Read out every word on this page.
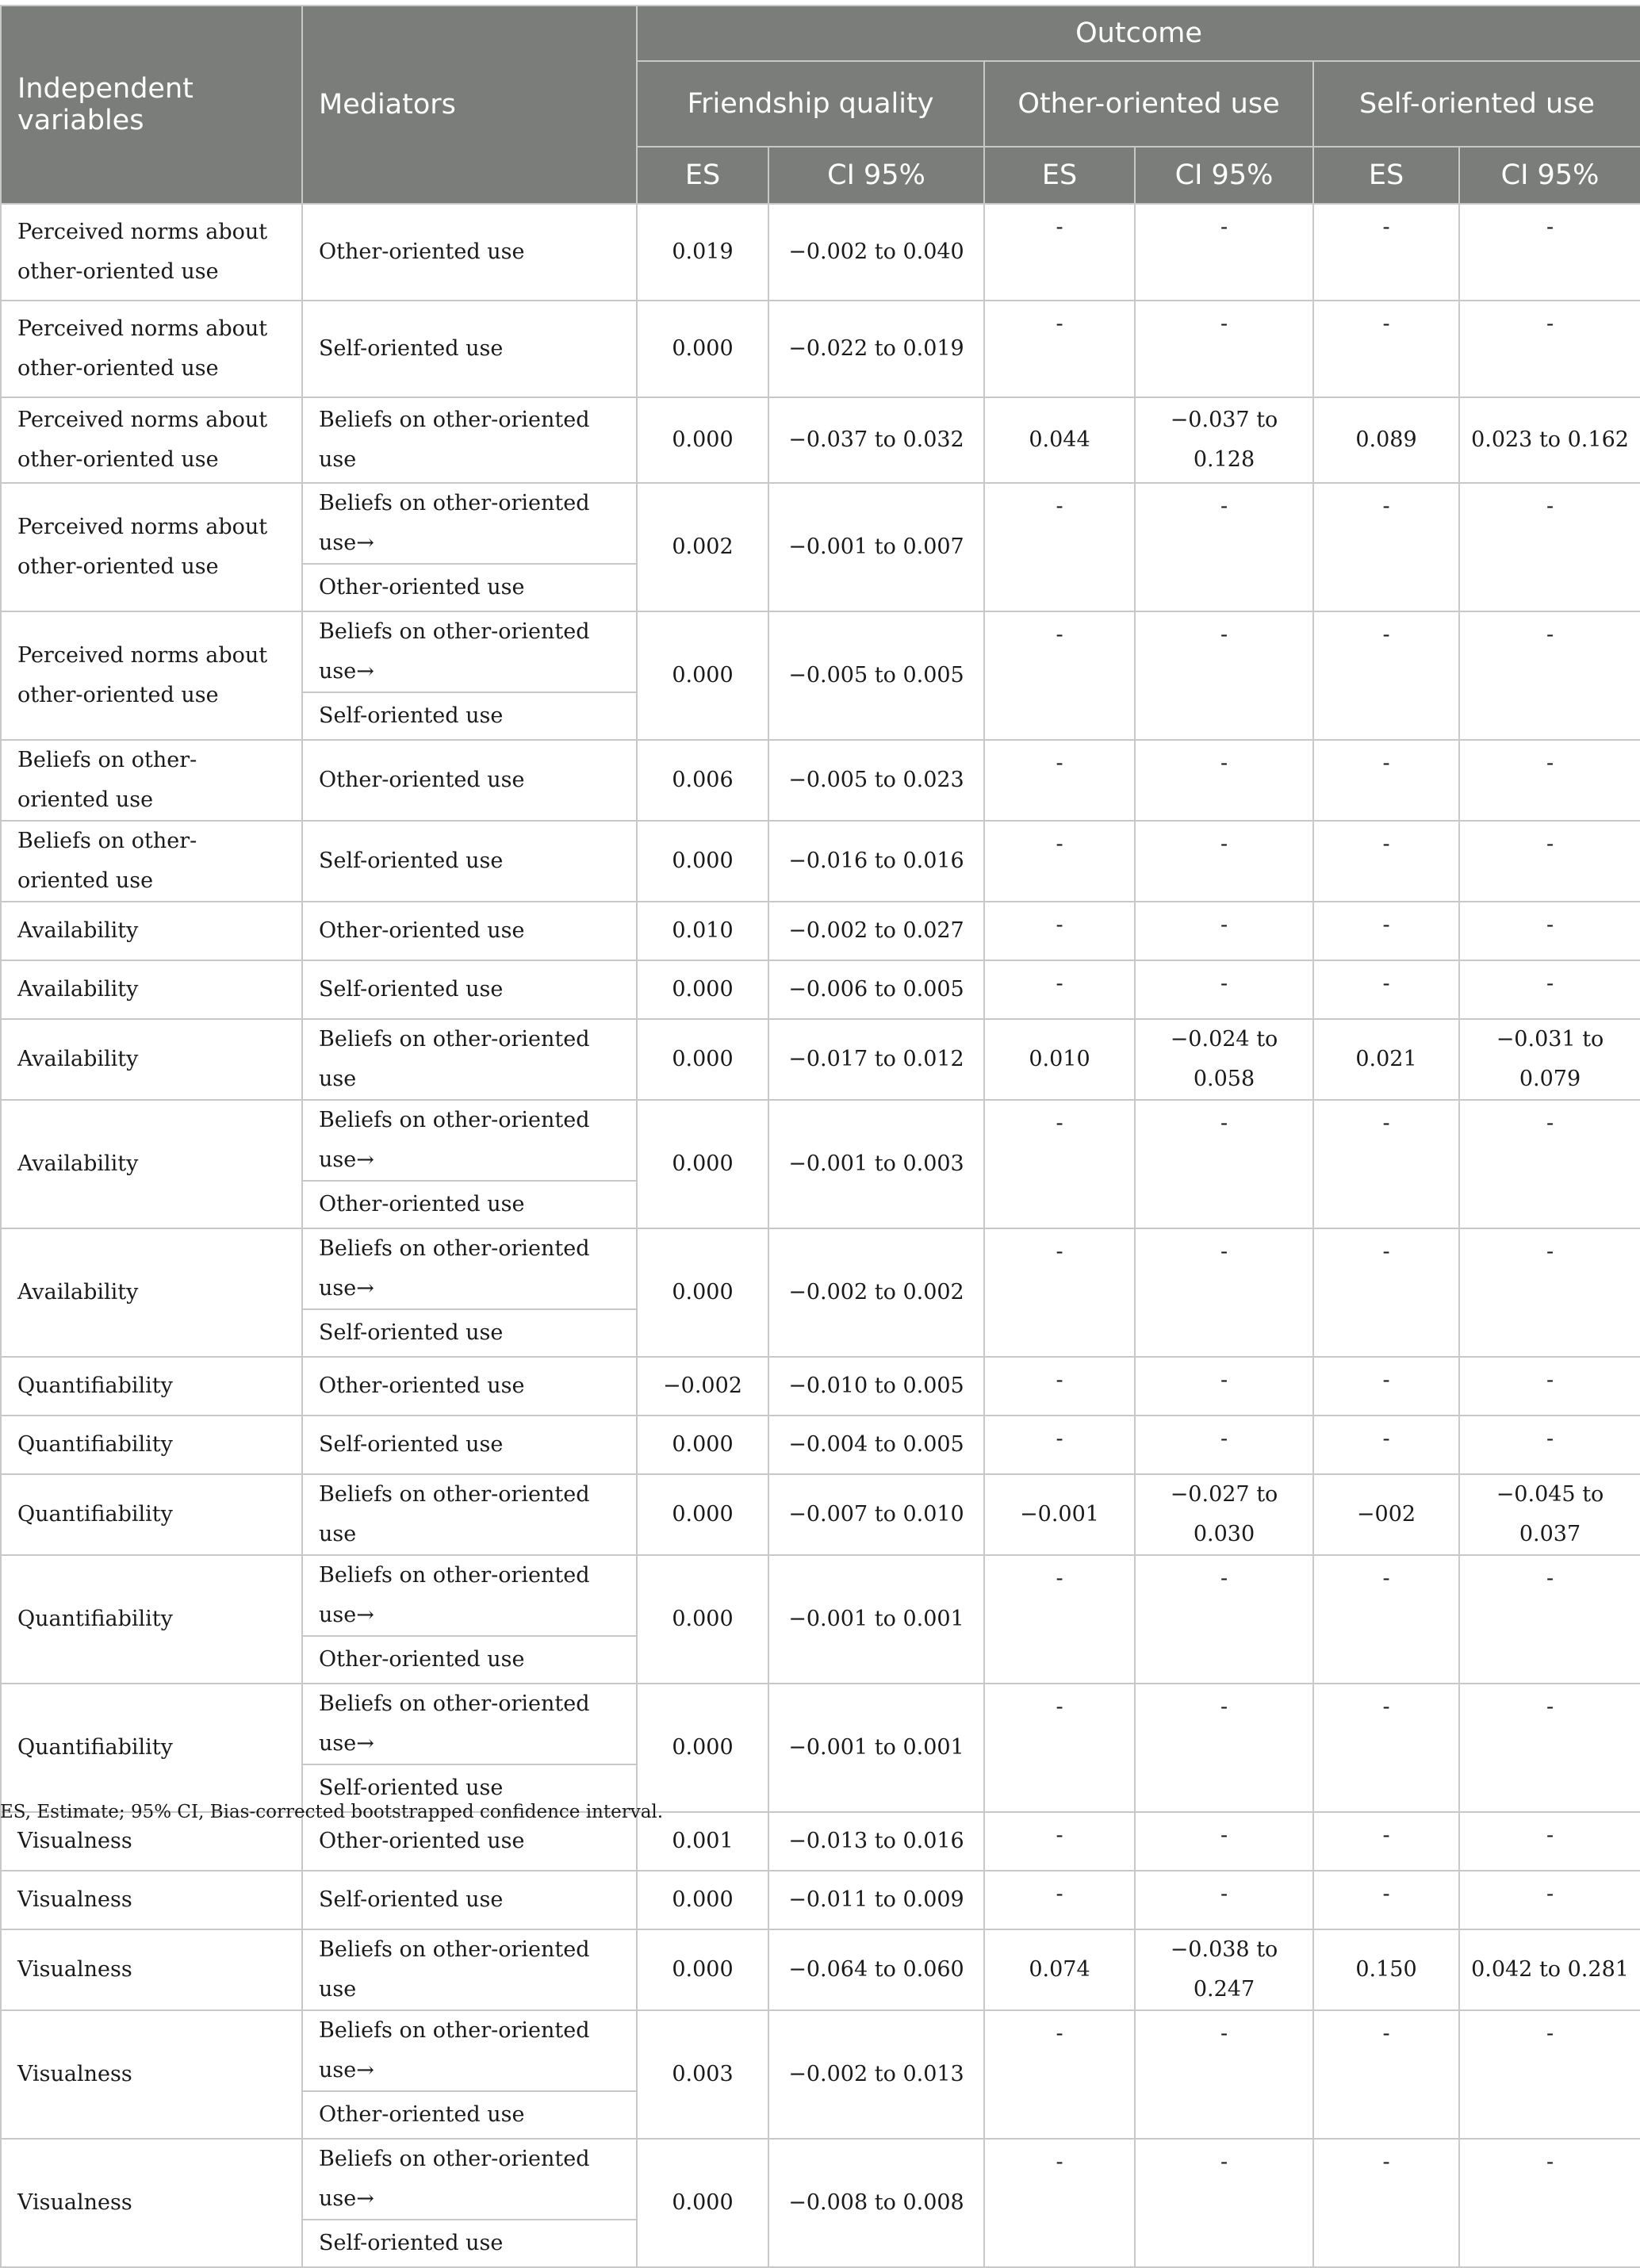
Independent variables	Mediators	Outcome					
		Friendship quality		Other-oriented use		Self-oriented use	
		ES	CI 95%	ES	CI 95%	ES	CI 95%
Perceived norms about other-oriented use	Other-oriented use	0.019	−0.002 to 0.040	-	-	-	-
Perceived norms about other-oriented use	Self-oriented use	0.000	−0.022 to 0.019	-	-	-	-
Perceived norms about other-oriented use	Beliefs on other-oriented use	0.000	−0.037 to 0.032	0.044	−0.037 to 0.128	0.089	0.023 to 0.162
Perceived norms about other-oriented use	Beliefs on other-oriented use→	0.002	−0.001 to 0.007	-	-	-	-
	Other-oriented use						
Perceived norms about other-oriented use	Beliefs on other-oriented use→	0.000	−0.005 to 0.005	-	-	-	-
	Self-oriented use						
Beliefs on other-oriented use	Other-oriented use	0.006	−0.005 to 0.023	-	-	-	-
Beliefs on other-oriented use	Self-oriented use	0.000	−0.016 to 0.016	-	-	-	-
Availability	Other-oriented use	0.010	−0.002 to 0.027	-	-	-	-
Availability	Self-oriented use	0.000	−0.006 to 0.005	-	-	-	-
Availability	Beliefs on other-oriented use	0.000	−0.017 to 0.012	0.010	−0.024 to 0.058	0.021	−0.031 to 0.079
Availability	Beliefs on other-oriented use→	0.000	−0.001 to 0.003	-	-	-	-
	Other-oriented use						
Availability	Beliefs on other-oriented use→	0.000	−0.002 to 0.002	-	-	-	-
	Self-oriented use						
Quantifiability	Other-oriented use	−0.002	−0.010 to 0.005	-	-	-	-
Quantifiability	Self-oriented use	0.000	−0.004 to 0.005	-	-	-	-
Quantifiability	Beliefs on other-oriented use	0.000	−0.007 to 0.010	−0.001	−0.027 to 0.030	−002	−0.045 to 0.037
Quantifiability	Beliefs on other-oriented use→	0.000	−0.001 to 0.001	-	-	-	-
	Other-oriented use						
Quantifiability	Beliefs on other-oriented use→	0.000	−0.001 to 0.001	-	-	-	-
	Self-oriented use						
Visualness	Other-oriented use	0.001	−0.013 to 0.016	-	-	-	-
Visualness	Self-oriented use	0.000	−0.011 to 0.009	-	-	-	-
Visualness	Beliefs on other-oriented use	0.000	−0.064 to 0.060	0.074	−0.038 to 0.247	0.150	0.042 to 0.281
Visualness	Beliefs on other-oriented use→	0.003	−0.002 to 0.013	-	-	-	-
	Other-oriented use						
Visualness	Beliefs on other-oriented use→	0.000	−0.008 to 0.008	-	-	-	-
	Self-oriented use						
ES, Estimate; 95% CI, Bias-corrected bootstrapped confidence interval.
